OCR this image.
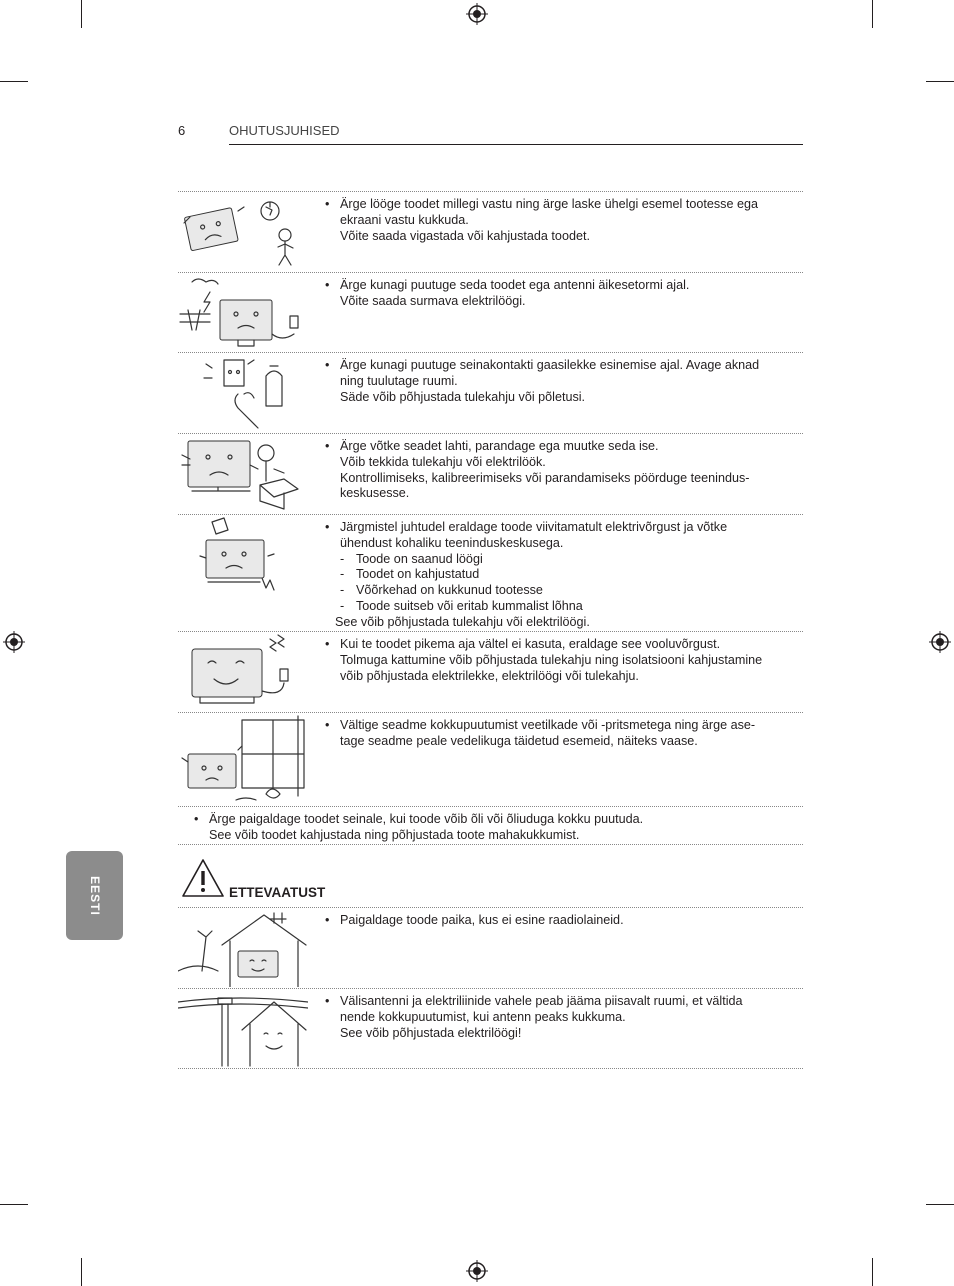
6	OHUTUSJUHISED
EESTI

• Ärge lööge toodet millegi vastu ning ärge laske ühelgi esemel tootesse ega

ekraani vastu kukkuda.

Võite saada vigastada või kahjustada toodet.

• Ärge kunagi puutuge seda toodet ega antenni äikesetormi ajal.

Võite saada surmava elektrilöögi.

• Ärge kunagi puutuge seinakontakti gaasilekke esinemise ajal. Avage aknad

ning tuulutage ruumi.

Säde võib põhjustada tulekahju või põletusi.

• Ärge võtke seadet lahti, parandage ega muutke seda ise.

Võib tekkida tulekahju või elektrilöök.

Kontrollimiseks, kalibreerimiseks või parandamiseks pöörduge teenindus-

keskusesse.

• Järgmistel juhtudel eraldage toode viivitamatult elektrivõrgust ja võtke

ühendust kohaliku teeninduskeskusega.

- Toode on saanud löögi

- Toodet on kahjustatud

- Võõrkehad on kukkunud tootesse

- Toode suitseb või eritab kummalist lõhna

See võib põhjustada tulekahju või elektrilöögi.

• Kui te toodet pikema aja vältel ei kasuta, eraldage see vooluvõrgust.

Tolmuga kattumine võib põhjustada tulekahju ning isolatsiooni kahjustamine

võib põhjustada elektrilekke, elektrilöögi või tulekahju.

• Vältige seadme kokkupuutumist veetilkade või -pritsmetega ning ärge ase-

tage seadme peale vedelikuga täidetud esemeid, näiteks vaase.

• Ärge paigaldage toodet seinale, kui toode võib õli või õliuduga kokku puutuda.

See võib toodet kahjustada ning põhjustada toote mahakukkumist.

ETTEVAATUST

• Paigaldage toode paika, kus ei esine raadiolaineid.

• Välisantenni ja elektriliinide vahele peab jääma piisavalt ruumi, et vältida

nende kokkupuutumist, kui antenn peaks kukkuma.

See võib põhjustada elektrilöögi!
